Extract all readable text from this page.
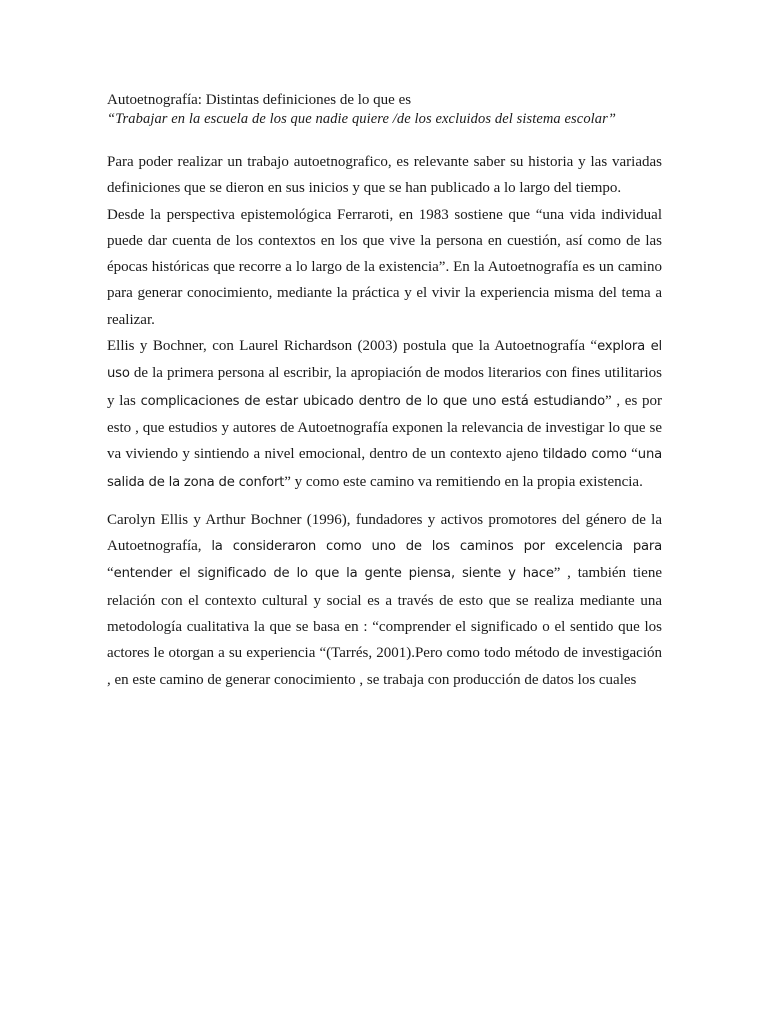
Autoetnografía: Distintas definiciones de lo que es

“Trabajar en la escuela de los que nadie quiere /de los excluidos del sistema escolar”

Para poder realizar un trabajo autoetnografico, es relevante saber su historia y las variadas definiciones que se dieron en sus inicios y que se han publicado a lo largo del tiempo.

Desde la perspectiva epistemológica Ferraroti, en 1983 sostiene que “una vida individual puede dar cuenta de los contextos en los que vive la persona en cuestión, así como de las épocas históricas que recorre a lo largo de la existencia”. En la Autoetnografía es un camino para generar conocimiento, mediante la práctica y el vivir la experiencia misma del tema a realizar.

Ellis y Bochner, con Laurel Richardson (2003) postula que la Autoetnografía “explora el uso de la primera persona al escribir, la apropiación de modos literarios con fines utilitarios y las complicaciones de estar ubicado dentro de lo que uno está estudiando” , es por esto , que estudios y autores de Autoetnografía exponen la relevancia de investigar lo que se va viviendo y sintiendo a nivel emocional, dentro de un contexto ajeno tildado como “una salida de la zona de confort” y como este camino va remitiendo en la propia existencia.

Carolyn Ellis y Arthur Bochner (1996), fundadores y activos promotores del género de la Autoetnografía, la consideraron como uno de los caminos por excelencia para “entender el significado de lo que la gente piensa, siente y hace” , también tiene relación con el contexto cultural y social es a través de esto que se realiza mediante una metodología cualitativa la que se basa en : “comprender el significado o el sentido que los actores le otorgan a su experiencia “(Tarrés, 2001).Pero como todo método de investigación , en este camino de generar conocimiento , se trabaja con producción de datos los cuales
